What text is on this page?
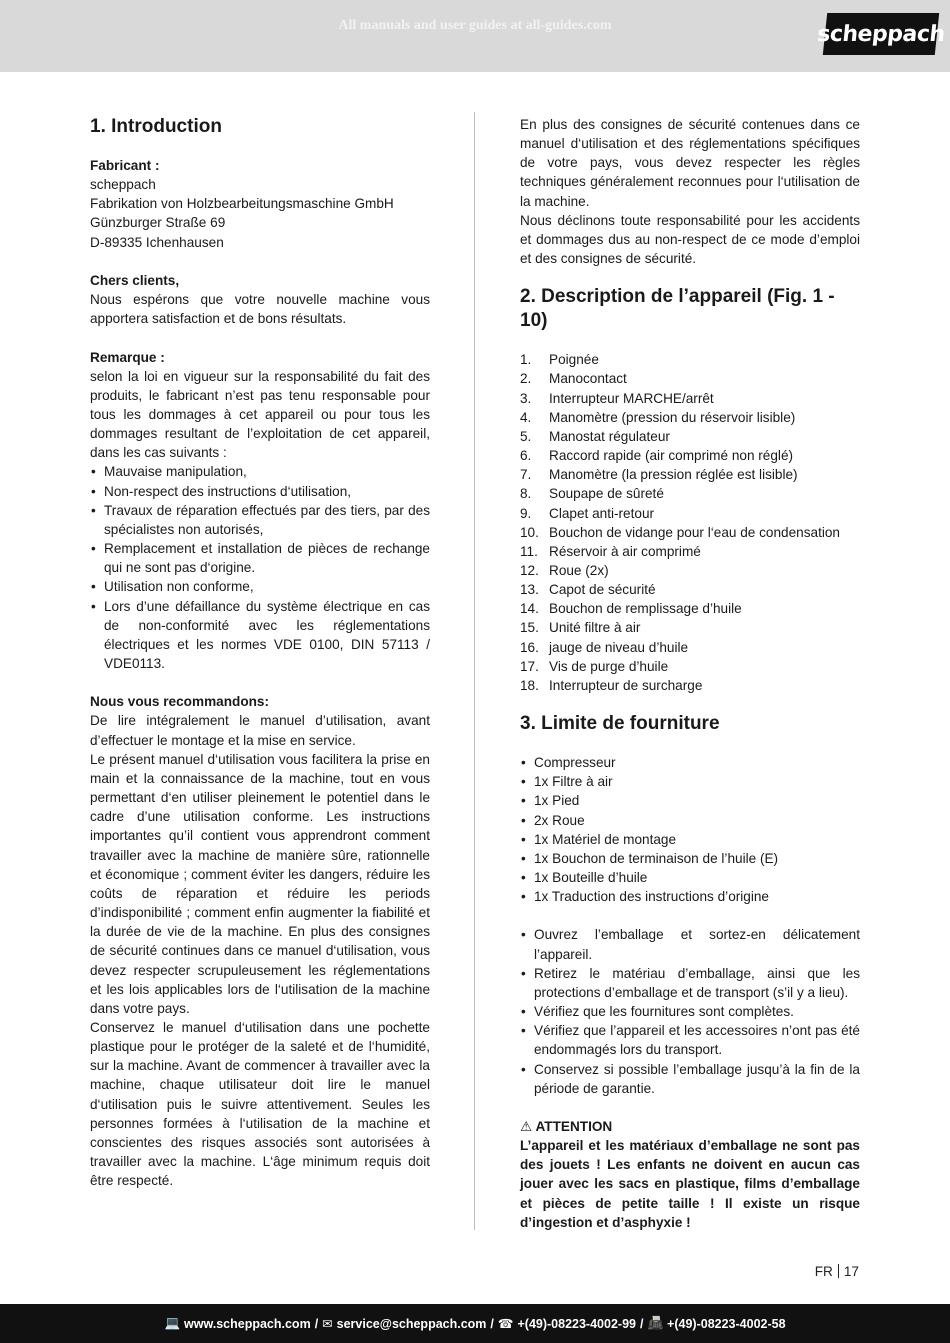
All manuals and user guides at all-guides.com	scheppach
1. Introduction
Fabricant :
scheppach
Fabrikation von Holzbearbeitungsmaschine GmbH
Günzburger Straße 69
D-89335 Ichenhausen
Chers clients,

Nous espérons que votre nouvelle machine vous apportera satisfaction et de bons résultats.

Remarque :

selon la loi en vigueur sur la responsabilité du fait des produits, le fabricant n’est pas tenu responsable pour tous les dommages à cet appareil ou pour tous les dommages resultant de l’exploitation de cet appareil, dans les cas suivants :

• Mauvaise manipulation,
• Non-respect des instructions d‘utilisation,
• Travaux de réparation effectués par des tiers, par des spécialistes non autorisés,
• Remplacement et installation de pièces de rechange qui ne sont pas d‘origine.
• Utilisation non conforme,
• Lors d’une défaillance du système électrique en cas de non-conformité avec les réglementations électriques et les normes VDE 0100, DIN 57113 / VDE0113.
Nous vous recommandons:

De lire intégralement le manuel d’utilisation, avant d’effectuer le montage et la mise en service.

Le présent manuel d‘utilisation vous facilitera la prise en main et la connaissance de la machine, tout en vous permettant d‘en utiliser pleinement le potentiel dans le cadre d’une utilisation conforme. Les instructions importantes qu’il contient vous apprendront comment travailler avec la machine de manière sûre, rationnelle et économique ; comment éviter les dangers, réduire les coûts de réparation et réduire les periods d’indisponibilité ; comment enfin augmenter la fiabilité et la durée de vie de la machine. En plus des consignes de sécurité continues dans ce manuel d‘utilisation, vous devez respecter scrupuleusement les réglementations et les lois applicables lors de l‘utilisation de la machine dans votre pays.

Conservez le manuel d‘utilisation dans une pochette plastique pour le protéger de la saleté et de l‘humidité, sur la machine. Avant de commencer à travailler avec la machine, chaque utilisateur doit lire le manuel d‘utilisation puis le suivre attentivement. Seules les personnes formées à l‘utilisation de la machine et conscientes des risques associés sont autorisées à travailler avec la machine. L‘âge minimum requis doit être respecté.

En plus des consignes de sécurité contenues dans ce manuel d‘utilisation et des réglementations spécifiques de votre pays, vous devez respecter les règles techniques généralement reconnues pour l‘utilisation de la machine.

Nous déclinons toute responsabilité pour les accidents et dommages dus au non-respect de ce mode d’emploi et des consignes de sécurité.

2. Description de l’appareil (Fig. 1 - 10)
1. Poignée
2. Manocontact
3. Interrupteur MARCHE/arrêt
4. Manomètre (pression du réservoir lisible)
5. Manostat régulateur
6. Raccord rapide (air comprimé non réglé)
7. Manomètre (la pression réglée est lisible)
8. Soupape de sûreté
9. Clapet anti-retour
10. Bouchon de vidange pour l‘eau de condensation
11. Réservoir à air comprimé
12. Roue (2x)
13. Capot de sécurité
14. Bouchon de remplissage d’huile
15. Unité filtre à air
16. jauge de niveau d’huile
17. Vis de purge d’huile
18. Interrupteur de surcharge
3. Limite de fourniture
• Compresseur
• 1x Filtre à air
• 1x Pied
• 2x Roue
• 1x Matériel de montage
• 1x Bouchon de terminaison de l’huile (E)
• 1x Bouteille d’huile
• 1x Traduction des instructions d’origine
• Ouvrez l’emballage et sortez-en délicatement l’appareil.
• Retirez le matériau d’emballage, ainsi que les protections d’emballage et de transport (s’il y a lieu).
• Vérifiez que les fournitures sont complètes.
• Vérifiez que l’appareil et les accessoires n’ont pas été endommagés lors du transport.
• Conservez si possible l’emballage jusqu’à la fin de la période de garantie.
⚠ ATTENTION

L’appareil et les matériaux d’emballage ne sont pas des jouets ! Les enfants ne doivent en aucun cas jouer avec les sacs en plastique, films d’emballage et pièces de petite taille ! Il existe un risque d’ingestion et d’asphyxie !

FR 17
💻 www.scheppach.com / ✉ service@scheppach.com / ☎ +(49)-08223-4002-99 / 📠 +(49)-08223-4002-58
